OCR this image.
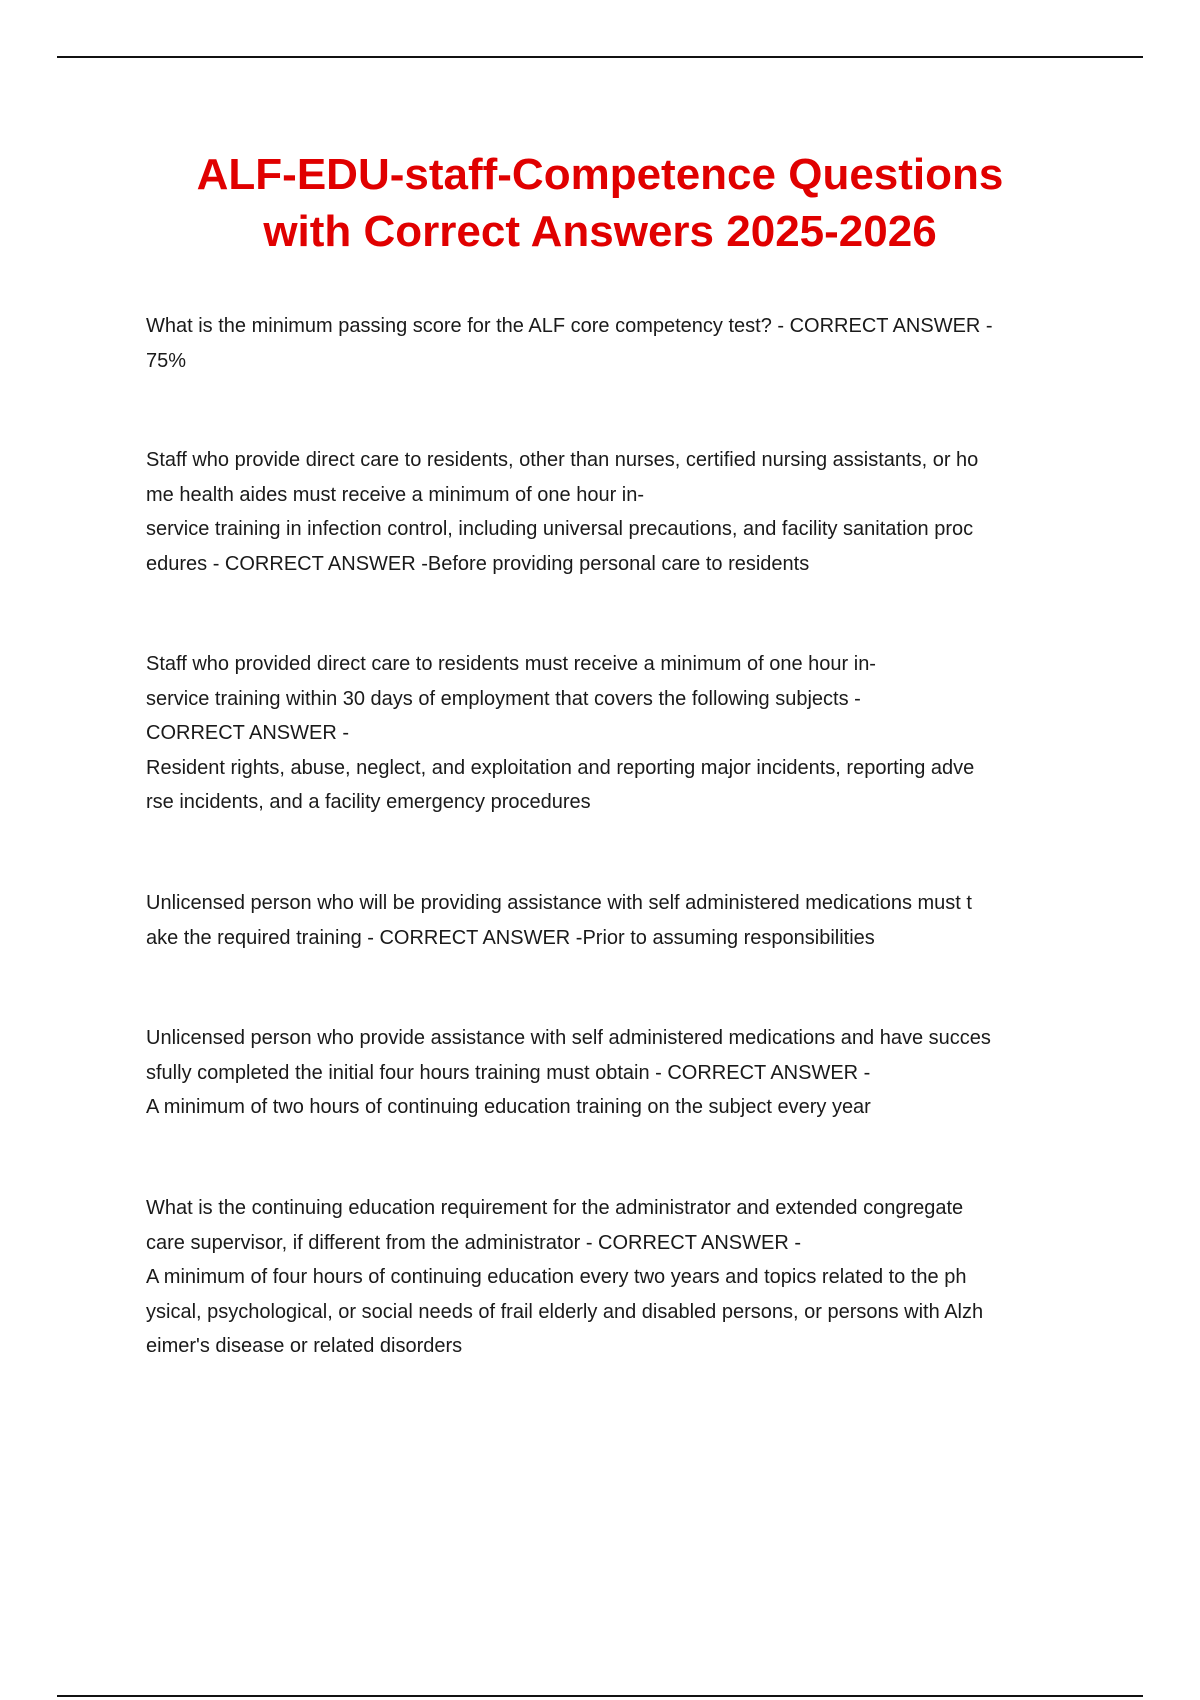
ALF-EDU-staff-Competence Questions
with Correct Answers 2025-2026
What is the minimum passing score for the ALF core competency test? - CORRECT ANSWER -
75%
Staff who provide direct care to residents, other than nurses, certified nursing assistants, or ho
me health aides must receive a minimum of one hour in-
service training in infection control, including universal precautions, and facility sanitation proc
edures - CORRECT ANSWER -Before providing personal care to residents
Staff who provided direct care to residents must receive a minimum of one hour in-
service training within 30 days of employment that covers the following subjects -
CORRECT ANSWER -
Resident rights, abuse, neglect, and exploitation and reporting major incidents, reporting adve
rse incidents, and a facility emergency procedures
Unlicensed person who will be providing assistance with self administered medications must t
ake the required training - CORRECT ANSWER -Prior to assuming responsibilities
Unlicensed person who provide assistance with self administered medications and have succes
sfully completed the initial four hours training must obtain - CORRECT ANSWER -
A minimum of two hours of continuing education training on the subject every year
What is the continuing education requirement for the administrator and extended congregate
care supervisor, if different from the administrator - CORRECT ANSWER -
A minimum of four hours of continuing education every two years and topics related to the ph
ysical, psychological, or social needs of frail elderly and disabled persons, or persons with Alzh
eimer's disease or related disorders
